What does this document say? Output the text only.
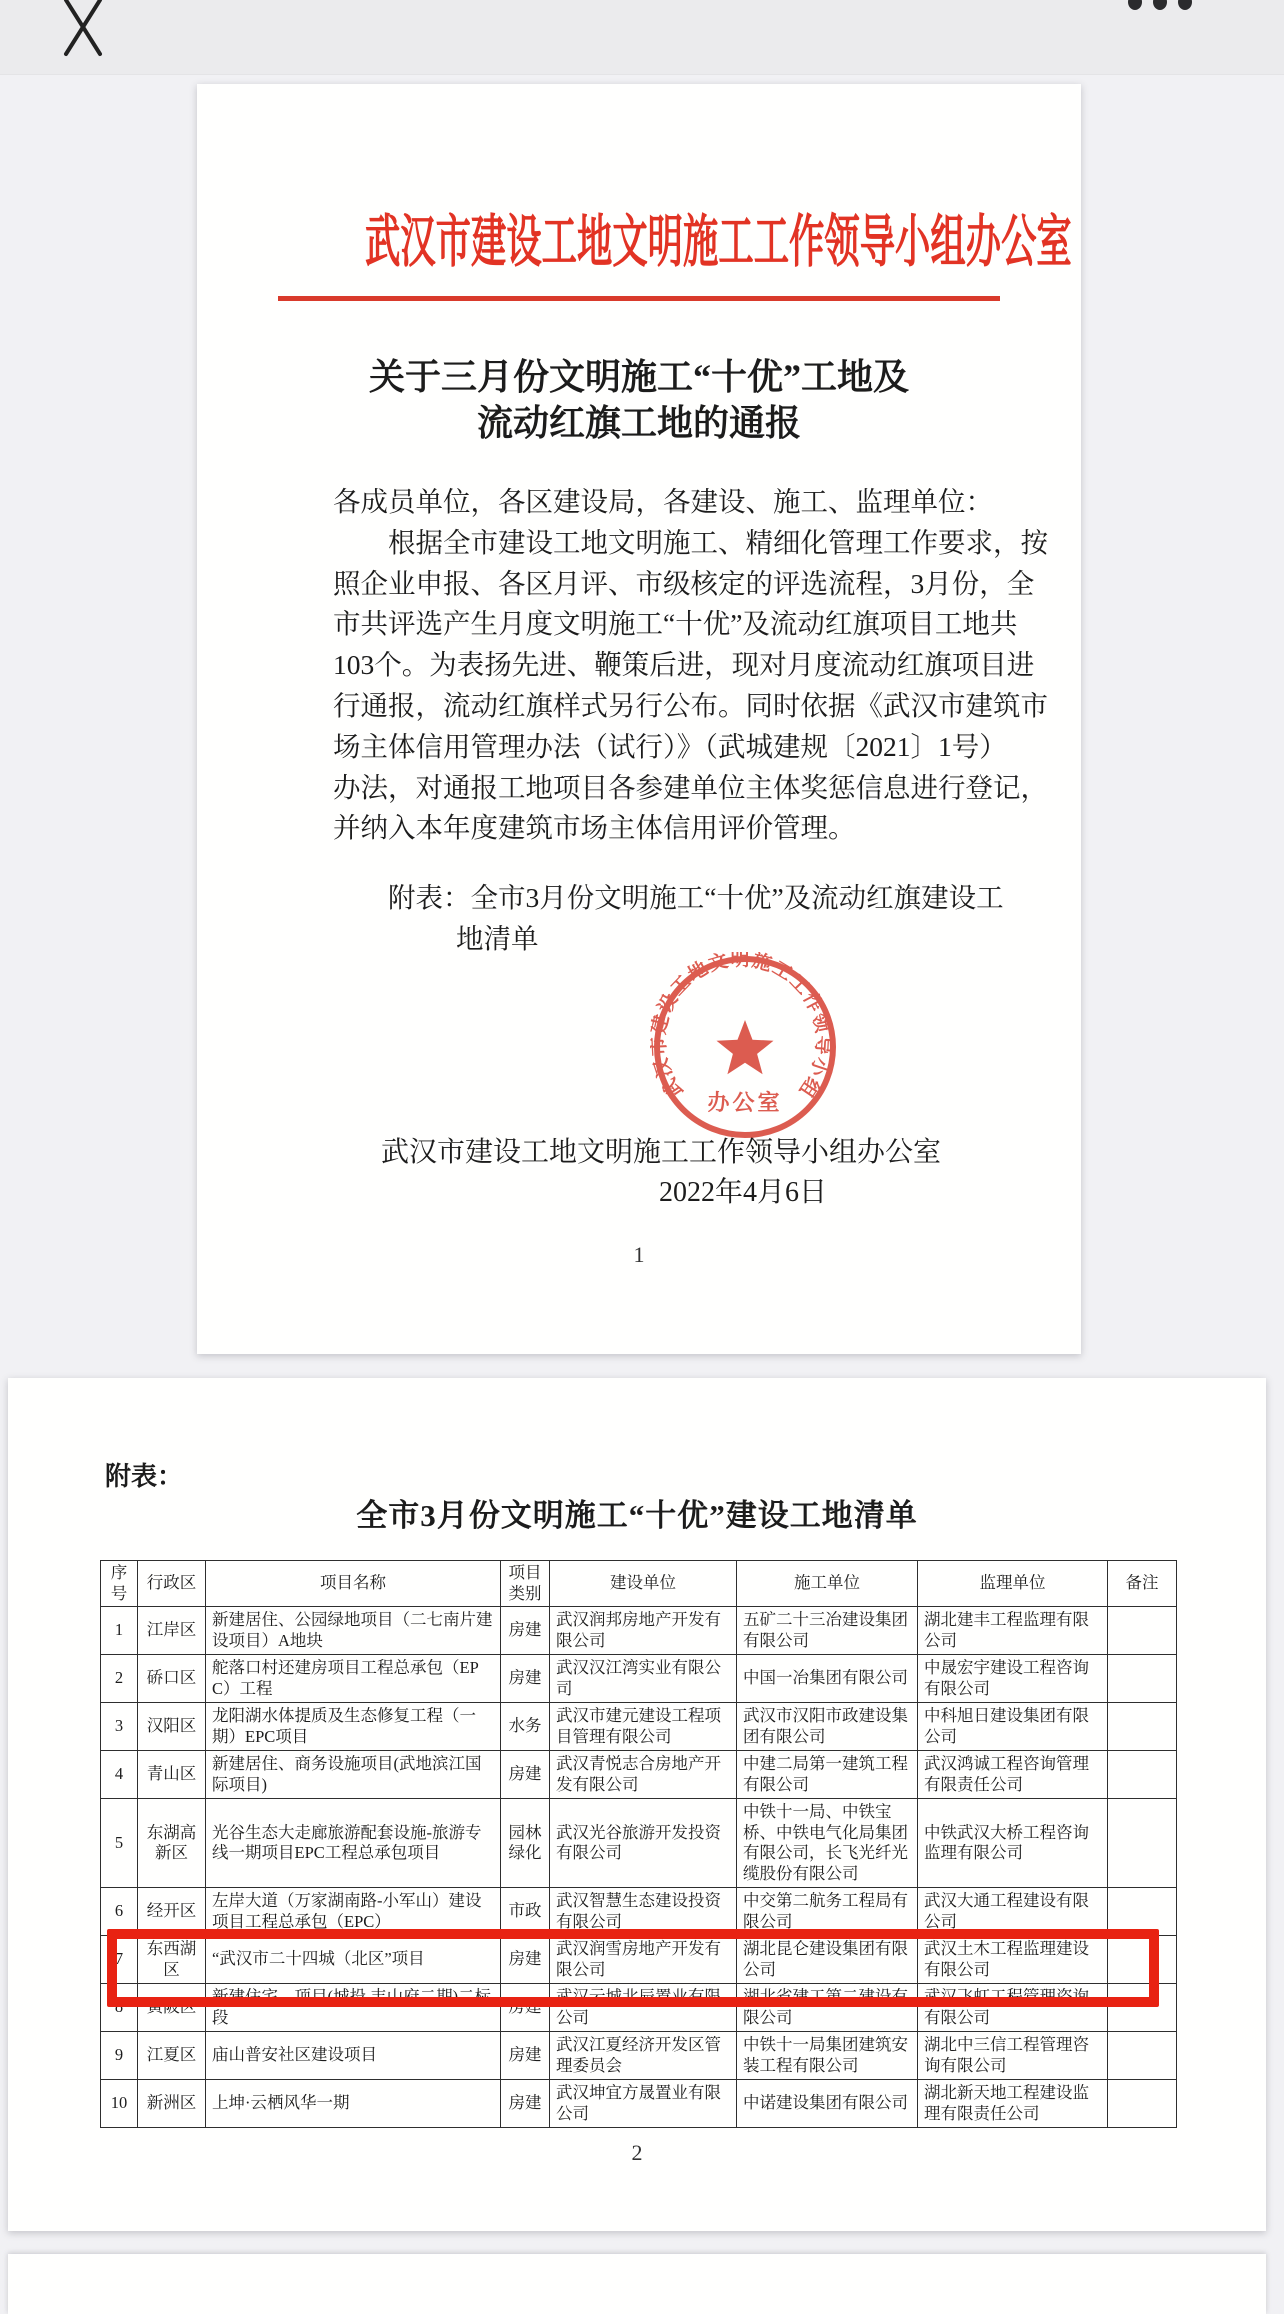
武汉市建设工地文明施工工作领导小组办公室
关于三月份文明施工“十优”工地及
流动红旗工地的通报
各成员单位，各区建设局，各建设、施工、监理单位：
根据全市建设工地文明施工、精细化管理工作要求，按
照企业申报、各区月评、市级核定的评选流程，3月份，全
市共评选产生月度文明施工“十优”及流动红旗项目工地共
103个。为表扬先进、鞭策后进，现对月度流动红旗项目进
行通报，流动红旗样式另行公布。同时依据《武汉市建筑市
场主体信用管理办法（试行）》（武城建规〔2021〕1号）
办法，对通报工地项目各参建单位主体奖惩信息进行登记，
并纳入本年度建筑市场主体信用评价管理。
附表：全市3月份文明施工“十优”及流动红旗建设工
地清单
武汉市建设工地文明施工工作领导小组办公室
2022年4月6日
武汉市建设工地文明施工工作领导小组
办公室
1
附表：
全市3月份文明施工“十优”建设工地清单
序号	行政区	项目名称	项目类别	建设单位	施工单位	监理单位	备注
1	江岸区	新建居住、公园绿地项目（二七南片建设项目）A地块	房建	武汉润邦房地产开发有限公司	五矿二十三冶建设集团有限公司	湖北建丰工程监理有限公司	
2	硚口区	舵落口村还建房项目工程总承包（EPC）工程	房建	武汉汉江湾实业有限公司	中国一冶集团有限公司	中晟宏宇建设工程咨询有限公司	
3	汉阳区	龙阳湖水体提质及生态修复工程（一期）EPC项目	水务	武汉市建元建设工程项目管理有限公司	武汉市汉阳市政建设集团有限公司	中科旭日建设集团有限公司	
4	青山区	新建居住、商务设施项目(武地滨江国际项目)	房建	武汉青悦志合房地产开发有限公司	中建二局第一建筑工程有限公司	武汉鸿诚工程咨询管理有限责任公司	
5	东湖高新区	光谷生态大走廊旅游配套设施-旅游专线一期项目EPC工程总承包项目	园林绿化	武汉光谷旅游开发投资有限公司	中铁十一局、中铁宝桥、中铁电气化局集团有限公司，长飞光纤光缆股份有限公司	中铁武汉大桥工程咨询监理有限公司	
6	经开区	左岸大道（万家湖南路-小军山）建设项目工程总承包（EPC）	市政	武汉智慧生态建设投资有限公司	中交第二航务工程局有限公司	武汉大通工程建设有限公司	
7	东西湖区	“武汉市二十四城（北区”项目	房建	武汉润雪房地产开发有限公司	湖北昆仑建设集团有限公司	武汉土木工程监理建设有限公司	
8	黄陂区	新建住宅、项目(城投 丰山府二期)二标段	房建	武汉云城北辰置业有限公司	湖北省建工第二建设有限公司	武汉飞虹工程管理咨询有限公司	
9	江夏区	庙山普安社区建设项目	房建	武汉江夏经济开发区管理委员会	中铁十一局集团建筑安装工程有限公司	湖北中三信工程管理咨询有限公司	
10	新洲区	上坤·云栖风华一期	房建	武汉坤宜方晟置业有限公司	中诺建设集团有限公司	湖北新天地工程建设监理有限责任公司	
2
